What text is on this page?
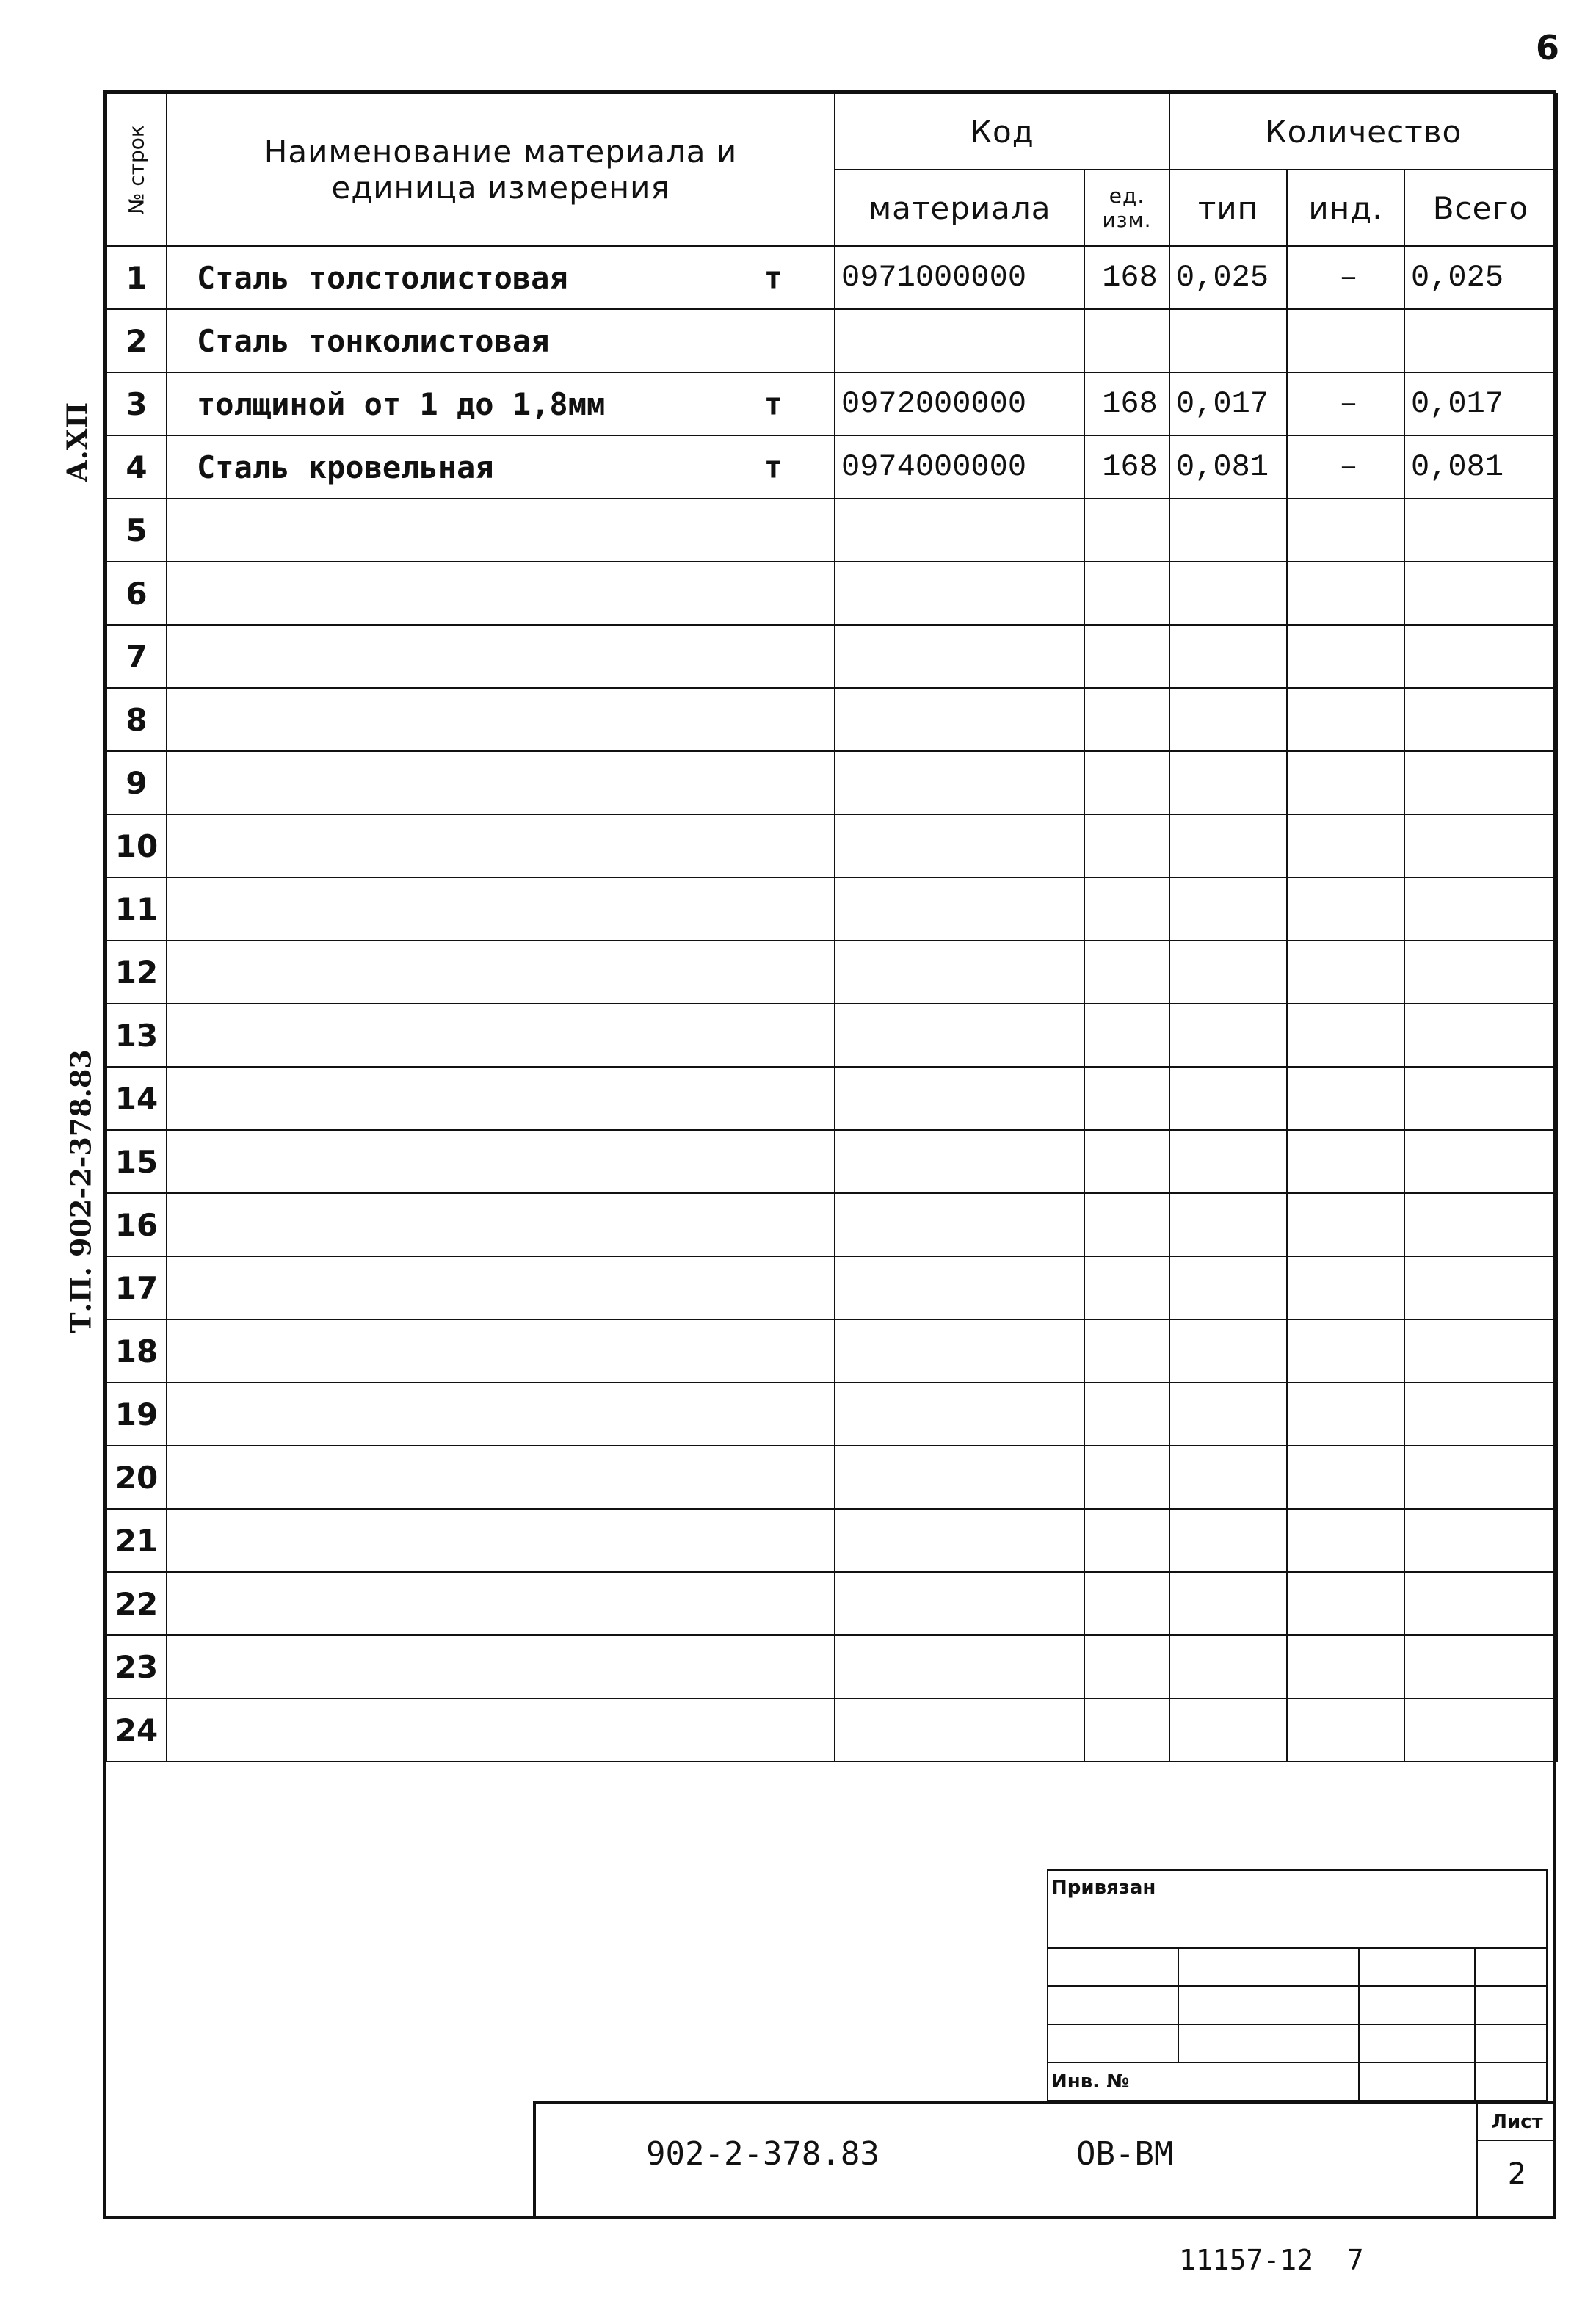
6
А.XП
Т.П. 902-2-378.83
№ строк	Наименование материала и единица измерения	Код		Количество		
		материала	ед. изм.	тип	инд.	Всего
1	Сталь толстолистовая т	0971000000	168	0,025	–	0,025
2	Сталь тонколистовая

3	толщиной от 1 до 1,8мм т	0972000000	168	0,017	–	0,017
4	Сталь кровельная т	0974000000	168	0,081	–	0,081
5	

6	

7	

8	

9	

10	

11	

12	

13	

14	

15	

16	

17	

18	

19	

20	

21	

22	

23	

24	

Привязан			

Инв. №			
902-2-378.83	ОВ-ВМ
Лист
2
11157-12  7
